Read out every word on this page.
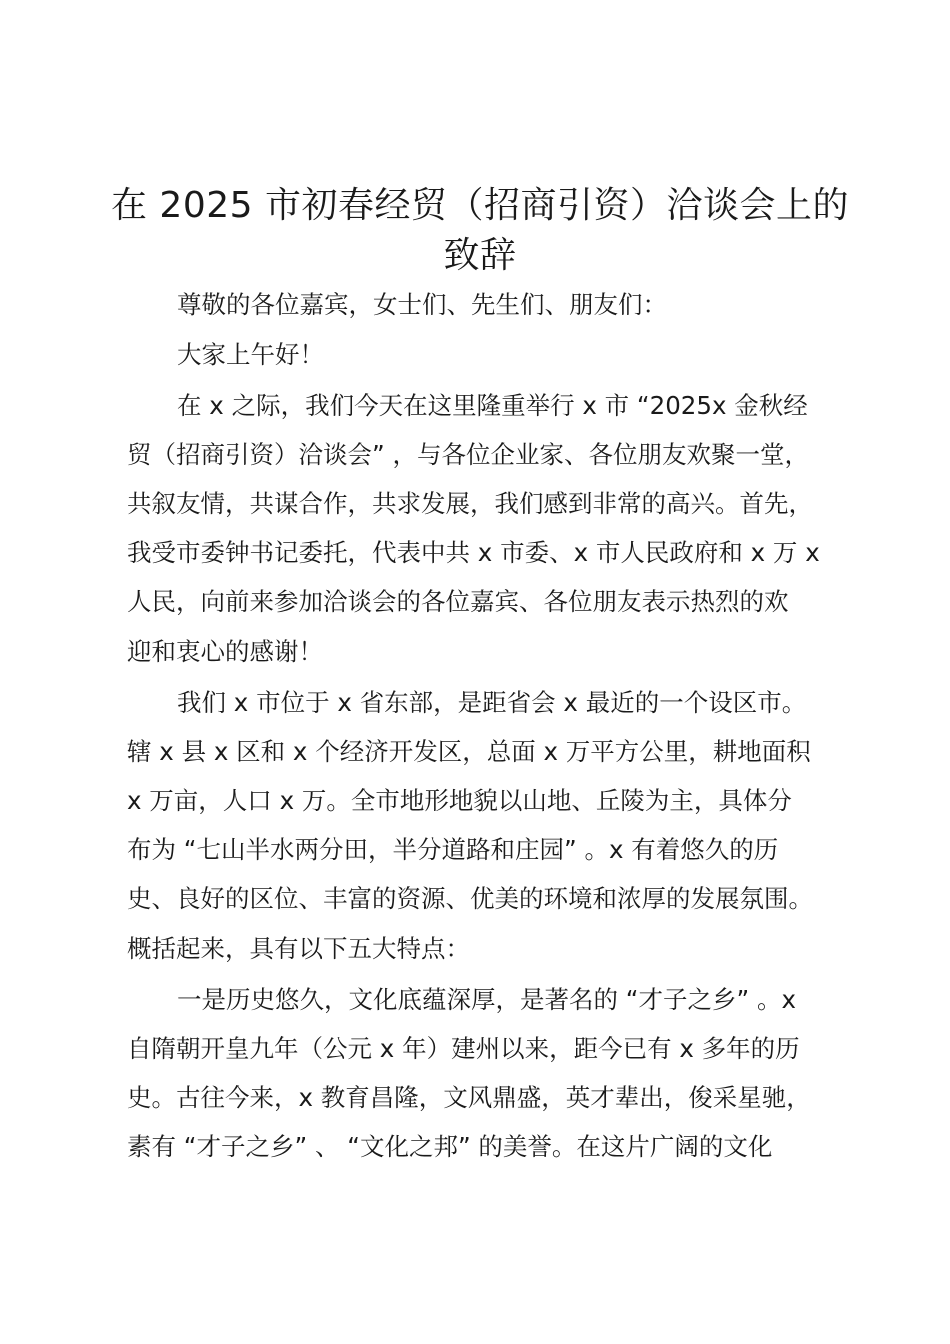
在 2025 市初春经贸（招商引资）洽谈会上的
致辞

尊敬的各位嘉宾，女士们、先生们、朋友们：

大家上午好！

在 x 之际，我们今天在这里隆重举行 x 市 “2025x 金秋经

贸（招商引资）洽谈会” ，与各位企业家、各位朋友欢聚一堂，

共叙友情，共谋合作，共求发展，我们感到非常的高兴。首先，

我受市委钟书记委托，代表中共 x 市委、x 市人民政府和 x 万 x

人民，向前来参加洽谈会的各位嘉宾、各位朋友表示热烈的欢

迎和衷心的感谢！

我们 x 市位于 x 省东部，是距省会 x 最近的一个设区市。

辖 x 县 x 区和 x 个经济开发区，总面 x 万平方公里，耕地面积

x 万亩，人口 x 万。全市地形地貌以山地、丘陵为主，具体分

布为 “七山半水两分田，半分道路和庄园” 。x 有着悠久的历

史、良好的区位、丰富的资源、优美的环境和浓厚的发展氛围。

概括起来，具有以下五大特点：

一是历史悠久，文化底蕴深厚，是著名的 “才子之乡” 。x

自隋朝开皇九年（公元 x 年）建州以来，距今已有 x 多年的历

史。古往今来，x 教育昌隆，文风鼎盛，英才辈出，俊采星驰，

素有 “才子之乡” 、 “文化之邦” 的美誉。在这片广阔的文化
